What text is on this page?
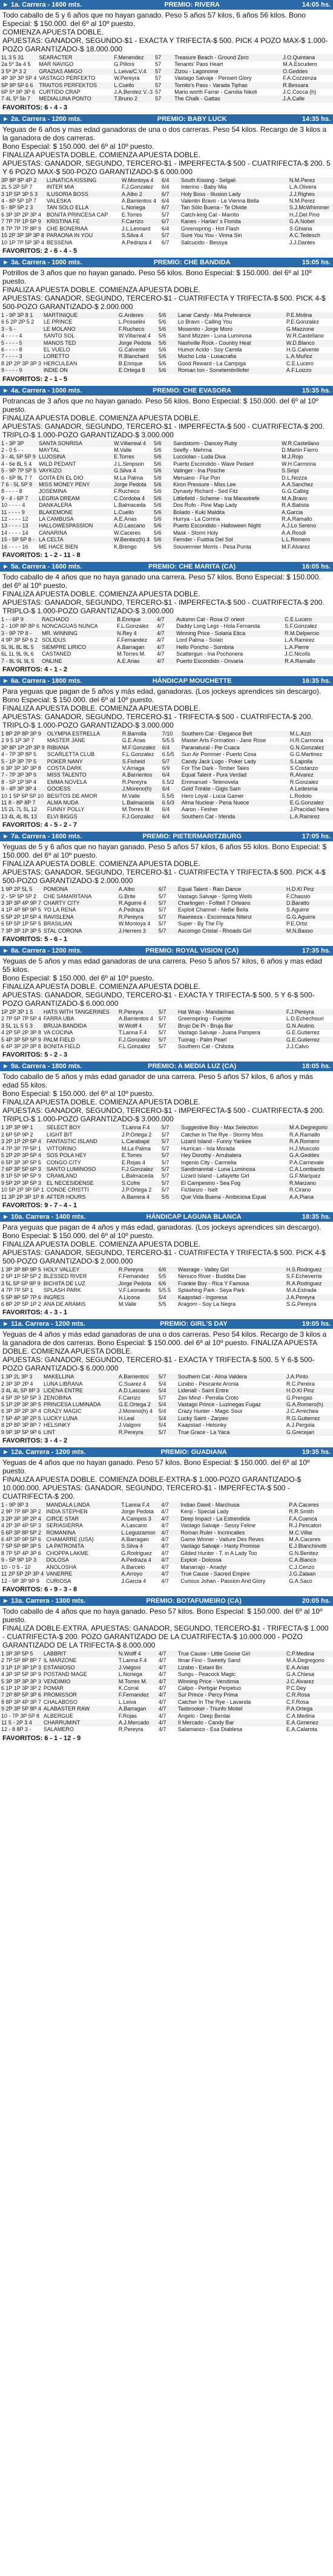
► 1a. Carrera - 1600 mts.	PREMIO: RIVERA	14:05 hs.

Todo caballo de 5 y 6 años que no hayan ganado. Peso 5 años 57 kilos, 6 años 56 kilos. Bono Especial: $ 150.000. del 6º al 10º puesto.

COMIENZA APUESTA DOBLE.

APUESTAS: GANADOR, SEGUNDO-$1 - EXACTA Y TRIFECTA-$ 500. PICK 4 POZO MAX-$ 1.000-POZO GARANTIZADO-$ 18.000.000

1L 3 5 31	SEARACTER	F.Menendez	57	Treasure Beach - Ground Zero	J.O.Quintana
2a 5º 3a 4 5	MAR NAVIGO	G.Pilloni	57	Tenants' Pass Heart	M.A.Escudero
3 5ª 3ª 3 2	GRAZIAS AMIGO	L.Leiva/C.V.4	57	Zizou - Lagonome	O.Geddes
4P 3P 3P 5P 4	VASTAGO PERFEKTO	W.Pereyra	57	Vastago Salvaje - Pensert Glory	F.A.Cozzenza
5P 9P 5P 6 6	TRAITOS PERFEKTOS	L.Cuello	57	Tomito's Pass - Varada Tiphas	R.Bessara
6P 5ª 9P 3P 6	CURTIDO CRAP	J.A.Benitez V.-3	57	Mario worth Farrar - Camilia Nikoli	J.C.Cocca (h)
7 4L 5º 5b 7	MEDIALUNA PONTO	T.Bruno 2	57	The Chalk - Gattas	J.A.Calle
FAVORITOS: 6 - 4 - 3
► 2a. Carrera - 1200 mts.	PREMIO: BABY LUCK	14:35 hs.

Yeguas de 6 años y mas edad ganadoras de una o dos carreras. Peso 54 kilos. Recargo de 3 kilos a la ganadora de dos carreras.

Bono Especial: $ 150.000. del 6º al 10º puesto.

FINALIZA APUESTA DOBLE. COMIENZA APUESTA DOBLE.

APUESTAS: GANADOR, SEGUNDO, TERCERO-$1 - IMPERFECTA-$ 500 - CUATRIFECTA-$ 200. 5 Y 6 POZO MAX-$ 500-POZO GARANTIZADO-$ 6.000.000

3P 8P 8P 4P 2	LUNATICA KISSING	W.Montoya 4	6/4	South Kissing - Selgali	N.M.Perez
2L 5 2P 5P 7	INTER MIA	F.J.Gonzalez	6/4	Interino - Baby Mia	L.A.Olivera
3 1P 5P 3P 5 3	ILUSORIA BOSS	A.Albo 2	6/7	Holy Boss - Illusion Lady	J.J.Righes
4 - 8P 5P 1P 7	VALESKA	A.Barrientos 4	6/4	Valentin Bravo - Le Vienna Bella	N.M.Perez
5 - 8P 5P 2 3	TAN SOLO ELLA	L.Noriega	6/7	Tan Sólo Buena - Te Olvide	S.J.McWhimmer
6 3P 3P 2P 3P 4	BONITA PRINCESA CAP	E.Torres	5/7	Catch-king Cat - Marrito	H.J.Del Pino
7 7P 7P 1P 5P 9	KRISTINA FE	F.Carrizo	6/7	Kanes - Harlan' s Florida	G.A.Nobel
8 7P 7P 7P 8P 9	CHE BONERIAA	J.L.Leonard	6/4	Greenspring - Hot Flash	S.Ghiana
15 2P 3P 3P 3P 8	PARAONA IN YOU	S.Silva 4	5/7	Sure You You - Vinna Sin	A.C.Tedesch
10 1P 7P 5P 3P 4	BESSENA	A.Pedraza 4	6/7	Salcucido - Bessya	J.J.Dantes
FAVORITOS: 2 - 6 - 4 - 5
► 3a. Carrera - 1000 mts.	PREMIO: CHE BANDIDA	15:05 hs.

Potrillos de 3 años que no hayan ganado. Peso 56 kilos. Bono Especial: $ 150.000. del 6º al 10º puesto.

FINALIZA APUESTA DOBLE. COMIENZA APUESTA DOBLE.

APUESTAS: GANADOR, SEGUNDO, TERCERO-$1 - CUATRIFECTA Y TRIFECTA-$ 500. PICK 4-$ 500-POZO GARANTIZADO-$ 2.000.000

1 - 9P 3P 8 1	MARTINIQUE	G.Arderes	5/6	Lanar Candy - Mia Preferance	P.E.Molina
6 5 2P 2P 5 2	LE PRINCE	L.Posselini	5/6	Lo Bravo - Calling You	P.E.Gonzalez
3 - 5 -	LE MOLANO	F.Rucheco	5/6	Mosenito - Jorge Moro	G.Mazzone
4 - - - - 4	SANTO SOL	W.Villarreal 4	5/6	Sand Mizzen - Luna Luminosa	W.R.Castellano
5 - - - - 5	MANOS TED	Jorge Pedota	5/6	Nashville Rock - Country Heat	W.D.Blanco
6 - - - - 8	EL VUELO	G.Calvente	5/6	Humor Acido - Soy Camila	H.G.Calvente
7 - - - - 3	LORETTO	R.Blanchard	5/6	Mucho Lola - Lusacrafia	L.A.Muñoz
8 2P 2P 3P 3P 3	HERCULEAN	B.Enrique	5/6	Good Reward - La Campiga	C.E.Lucero
9 - - - - 9	INDIE ON	E.Ortega 8	5/6	Roman Ion - Sonetembrillofer	A.F.Loizzo
FAVORITOS: 2 - 1 - 5
► 4a. Carrera - 1000 mts.	PREMIO: CHE EVASORA	15:35 hs.

Potrancas de 3 años que no hayan ganado. Peso 56 kilos. Bono Especial: $ 150.000. del 6º al 10º puesto.

FINALIZA APUESTA DOBLE. COMIENZA APUESTA DOBLE.

APUESTAS: GANADOR, SEGUNDO, TERCERO-$1 - IMPERFECTA-$ 500 - CUATRIFECTA-$ 200. TRIPLO-$ 1.000-POZO GARANTIZADO-$ 3.000.000

1 - 3P 3P	SANTA SONRISA	W.Villarreal 4	5/6	Sandstorm - Dancey Ruby	W.R.Castellano
2 - 0 5 - -	MAYTAL	M.Valle	5/6	Seefly - Mehrna	D.Martin Fierro
3 - 4L 5P 5P 9	LUJOSINA	E.Torres	5/6	Lucciolan - Luda Diva	M.J.Rojo
4 - 6e 8L 5 4	WILD PEDANT	J.L.Simpson	5/6	Puerto Escondido - Wave Pedant	W.H.Carmona
5 - 9P 7P 5P 5	VAYKIZO	G.Silva 4	5/6	Valinger - Ina Posche	S.Siripi
6 - 6P 8L 7 7	GOITA EN EL DIO	M.La Palma	5/6	Meruano - Flur Pon	D.L.Nozza
7 6 - 5L 5P 9	MISS MONEY PENY	Jorge Pedota	5/6	Kiron Pressure - Miss Lee	A.A.Sanchez
8 - - - - 8	JOSEMINA	F.Rucheco	5/6	Dynasty Richard - Sed Fitz	G.G.Calbig
9 - 4 - 6P 7	LEGRIA DREAM	C.Cordoba 4	5/6	Littlefield - Scheme - Ina Marastrefe	M.A.Bravo
10 - - - - 4	DANKALERA	L.Balmaceda	5/6	Dos Rufo - Pine Map Lady	R.A.Batista
11 - - - - 9	BLAKEMONE	L.Cuello	5/6	Bolado - Kuki Maldita	A.Garcia
12 - - - - 12	LA CAMBUSA	A.E.Arias	5/6	Hurrya - La Corrina	R.A.Ramallo
13 - - - - 13	HALLOWESPASSION	A.D.Lascano	5/6	Puerto Escondido - Halloween Night	A.J.Lo Sereno
14 - - - - 14	CANARINA	W.Caceres	5/6	Mask - Storm Holy	A.A.Rosdi
15 - 5P 5P 8 -	LA CELTA	W.Benitez(h) 4	5/6	Fernder - Fustria Del Sol	L.L.Romero
16 - - - - 16	ME HACE BIEN	K.Brengo	5/6	Souverrnier Morris - Pesa Punta	M.F.Alvarez
FAVORITOS: 1 - 2 - 11 - 8
► 5a. Carrera - 1600 mts.	PREMIO: CHE MARITA (CA)	16:05 hs.

Todo caballo de 4 años que no haya ganado una carrera. Peso 57 kilos. Bono Especial: $ 150.000. del 6º al 10º puesto.

FINALIZA APUESTA DOBLE. COMIENZA APUESTA DOBLE.

APUESTAS: GANADOR, SEGUNDO, TERCERO-$1 - IMPERFECTA-$ 500 - CUATRIFECTA-$ 200. TRIPLO-$ 1.000-POZO GARANTIZADO-$ 3.000.000

1 - - 6P 9	RACHADO	B.Enrique	4/7	Autumn Cat - Rosa O' oriest	C.E.Lucero
2 - 10P 8P 8P 6	NONCAGUAS NUNCA	F.L.Gonzalez	4/7	Daddy Long Legs - Hola Fernanda	S.F.Gonzalez
3 - 9P 7P 8 -	MR. WINNING	N.Rey 4	4/7	Winning Price - Solaria Etica	R.M.Delpercio
4 9P 3P 5P 6 2	SOLIDUS	F.Fernandez	4/7	Lord Palma - Solari	L.A.Ramirez
5L 9L 8L 8L 5	SIEMPRE LIRICO	A.Barragan	4/7	Hello Poncho - Sombria	L.A.Pierre
6L 1L 9L 9L 6	CASTANED	M.Torres M.	4/7	Scattergun - Ina Pochonera	J.C.Nicolls
7 - 8L 9L 9L 5	ONLINE	A.E.Arias	4/7	Puerto Escondido - Onvaria	R.A.Ramallo
FAVORITOS: 4 - 1 - 2
► 6a. Carrera - 1800 mts.	HÁNDICAP MOUCHETTE	16:35 hs.

Para yeguas que pagan de 5 años y más edad, ganadoras. (Los jockeys aprendices sin descargo).

Bono Especial: $ 150.000. del 6º al 10º puesto.

FINALIZA APUESTA DOBLE. COMIENZA APUESTA DOBLE.

APUESTAS: GANADOR, SEGUNDO, TERCERO-$1 - TRIFECTA-$ 500 - CUATRIFECTA-$ 200. TRIPLO-$ 1.000-POZO GARANTIZADO-$ 3.000.000

1 8P 2P 8P 3P 9	OLYMPIA ESTRELLA	R.Barrolla	7/10	Southern Cat - Elegance Belt	M.L.Azzi
2 9 5 1P 3P 7	MASTER JANE	G.E.Arias	5/5.5	Master Arts Formation - Jane Rose	H.R.Carmona
3P 8P 1P 2P 3P 9	RIBIANA	M.F.Gonzalez	6/4	Paranatural - Pie Cuaca	G.N.Gonzalez
4 - 7P 3P 8P 5	SCARLETTA CLUB	F.L.Gonzalez	6.5/5	Sun Air Pommer - Puerto Cosa	G.G.Martinez
5 - 1P 3P 7P 5	POKER NANY	S.Fisheid	5/7	Candy Jack Lugo - Poker Lady	S.Lapolla
6 3P 3P 3P 3P 8	COSTA DARK	V.Arriaga	6/9	For The Dark - Timber Tales	S.Costanzo
7 - 7P 3P 3P 9	MISS TALENTO	A.Barrientos	6/4	Equal Talent - Pura Verdad	R.Alvarez
8 - 5P 1P 9P 4	EMMA NOVELA	R.Pereyra	5.5/2	Emmanuel - Telenovela	R.Gonzalez
9 - 4P 3P 3P 4	GOOESS	J.Moreno(h)	6/4	Gold Trinkle - Gigis Sam	A.Ledesma
10 1 5P 5P 5P 10	BESITOS DE AMOR	M.Valle	5.5/5	Hero Loyal - Lucia Gamer	L.Rodolo
11 8 - 8P 8P 7	ALMA NUDA	L.Balmaceda	6.5/3	Alma Nuclear - Pena Nuece	E.G.Gonzalez
15 2L 7L 5L 12	FUNNY POLLY	M.Torres M.	6/4	Aaron - Fesher	J.Pracidad Nera
13 4L 4L 8L 13	ELVI BIGGS	F.J.Gonzalez	6/4	Southern Cat - Irlenda	L.A.Ramirez
FAVORITOS: 4 - 5 - 2 - 7
► 7a. Carrera - 1600 mts.	PREMIO: PIETERMARITZBURG	17:05 hs.

Yeguas de 5 y 6 años que no hayan ganado. Peso 5 años 57 kilos, 6 años 55 kilos. Bono Especial: $ 150.000. del 6º al 10º puesto.

FINALIZA APUESTA DOBLE. COMIENZA APUESTA DOBLE.

APUESTAS: GANADOR, SEGUNDO, TERCERO-$1 - CUATRIFECTA Y TRIFECTA-$ 500. PICK 4-$ 500-POZO GARANTIZADO-$ 2.000.000

1 9P 2P 5L 5	POMONA	A.Albo	6/7	Equal Talent - Rain Dance	H.D.Kl Pinz
2 - 5P 5P 5P 2	CHE SAMARITANA	G.Brite	5/7	Vastago Salvaje - Spring Wells	F.Chassio
3 3P 3P 4P 9P 7	CHARTY CITY	R.Aguirre 4	5/7	Charlingen - Fofitell 7 Orleans	D.Baratto
4 1P 4P 8P 9P 5	YO LA RENA	A.Pedraza	5/7	Exploit Channel - Nellie Bella	S.Aguirre
5 5P 2P 1P 5P 4	RAVISLENA	R.Pereyra	5/7	Rawreeza - Escorreaza Nitenz	G.G.Aguirre
6 5P 5P 1P 5P 5	BRASILIAN	W.Montoya 4	5/7	Super - By The Fly	P.E.Ortiz
7 3P 3P 1P 3P 5	STAL CORONA	J.Herrero 3	5/7	Ascomgo Cristal - Rhoads Girl	M.N.Basso
FAVORITOS: 5 - 6 - 1
► 8a. Carrera - 1200 mts.	PREMIO: ROYAL VISION (CA)	17:35 hs.

Yeguas de 5 años y mas edad ganadoras de una carrera. Peso 5 años 57 kilos, 6 años y mas edad 55 kilos.

Bono Especial: $ 150.000. del 6º al 10º puesto.

FINALIZA APUESTA DOBLE. COMIENZA APUESTA DOBLE.

APUESTAS: GANADOR, SEGUNDO, TERCERO-$1 - EXACTA Y TRIFECTA-$ 500. 5 Y 6-$ 500-POZO GARANTIZADO-$ 6.000.000

1P 2P 3P 1 5	HATS WITH TANGERINES	R.Pereyra	5/7	Hat Wrap - Mandarinas	F.J.Pereyra
2 7P 5P 7P 5P 4	FARRA UBA	A.Barrientos 4	5/7	Greenspring - Fuejote	L.D.Echechouri
3 5L 1L 5 5 3	BRUJA BANDIDA	W.Wolff 4	5/7	Brujo De Pi - Bruja Bar	G.N.Aiutino
4 2P 5P 2P 3P 8	VA COCINA	T.Lanna F.4	5/7	Vastago Salvaje - Juana Pampera	G.E.Gutierrez
5 4P 3P 5P 5P 9	PALM FIELD	F.J.Gonzalez	5/7	Tuorag - Palm Pearl	G.E.Gutierrez
6 4P 3P 2P 3P 8	BONITA FIELD	F.L.Gonzalez	5/7	Southern Cat - Chibota	J.J.Calvo
FAVORITOS: 5 - 2 - 3
► 9a. Carrera - 1800 mts.	PREMIO: A MEDIA LUZ (CA)	18:05 hs.

Todo caballo de 5 años y más edad ganador de una carrera. Peso 5 años 57 kilos, 6 años y más edad 55 kilos.

Bono Especial: $ 150.000. del 6º al 10º puesto.

FINALIZA APUESTA DOBLE. COMIENZA APUESTA DOBLE.

APUESTAS: GANADOR, SEGUNDO, TERCERO-$1 - IMPERFECTA-$ 500 - CUATRIFECTA-$ 200. TRIPLO-$ 1.000-POZO GARANTIZADO-$ 3.000.000

1 2P 3P 9P 1	SELECT BOY	T.Lanna F.4	5/7	Suggestive Boy - Max Selection	M.A.Degregorio
2 6P 5P 9P 2	LIGHT BIT	J.P.Ortega 2	5/7	Catcher In The Rye - Stormy Miss	R.A.Ramallo
3 2P 1P 2P 5P 4	FANTASTIC ISLAND	L.Carabajal	5/7	Lizard Island - Funny Yankee	R.A.Romero
4 7P 3P 7P 5P 1	VITTORINO	M.La Palma	5/7	Hurrican - Isla Morada	H.J.Muscolo
5 2P 2P 3P 5P 4	SOS POLA HEY	E.Torres	5/7	Hey Dorothy - Arrubalera	G.A.Geddes
6 5P 3P 3P 5P 5	CONGO CITY	E.Rojas 4	5/7	Ingenio City - Carmelia	P.A.Carnevale
7 6P 3P 5P 6P 3	SANTO LUMINOSO	F.J.Gonzalez	5/7	Sandmanntal - Luna Luminosa	C.A.Lombardo
8 1P 5P 9P 5P 9	CRAMLAND	L.Balmaceda	5/7	Lizard Island - Lafayette Girl	G.F.Marquez
9 5P 2P 3P 5P 3	EL NECESIDENSE	S.Cofre	5/7	El Campesino - Sea Fog	R.Marzano
10 5P 2P 3P 5P 1	CONDE CRISTTI	J.P.Ortega 2	5/7	Fictlanzo - Iselt	R.Cirano
11 3P 2P 3P 1P 8	AFTER HOURS	A.Barrera 4	5/5	Que Vida Buena - Ambiciosa Equal	A.A.Piana
FAVORITOS: 9 - 7 - 4 - 1
► 10a. Carrera - 1400 mts.	HÁNDICAP LAGUNA BLANCA	18:35 hs.

Para yeguas que pagan de 4 años y más edad, ganadoras. (Los jockeys aprendices sin descargo). Bono Especial: $ 150.000. del 6º al 10º puesto.

FINALIZA APUESTA DOBLE. COMIENZA APUESTA DOBLE.

APUESTAS: GANADOR, SEGUNDO, TERCERO-$1 - CUATRIFECTA Y TRIFECTA-$ 500. PICK 4-$ 500-POZO GARANTIZADO-$ 2.000.000

1 3P 3P 8P 9P 5	HOLY VALLEY	R.Pereyra	6/6	Wasrage - Valley Girl	H.S.Rodriguez
2 5P 1P 5P 5P 2	BLESSED RIVER	F.Fernandez	5/5	Nenuco River - Buddita Dae	S.F.Echeverria
3 5L 5P 5P 9P 9	BICHITA DE LUZ	Jorge Pedota	6/6	Frankie Boy - Rica Y Famosa	R.A.Rodriguez
4 7P 7P 5P 1	SPLASH PARK	V.F.Leonardo	5/5.5	Splashing Park - Seya Park	M.A.Estrada
5 5P 8P 5P 7P 6	INGRES	A.Licona	5/4	Kaapstad - Ingoresa	J.A.Pereyra
6 8P 2P 5P 1P 2	ANA DE ARAMIS	M.Valle	5/5	Aragorn - Soy La Negra	S.G.Pereyra
FAVORITOS: 4 - 3 - 1
► 11a. Carrera - 1200 mts.	PREMIO: GIRL'S DAY	19:05 hs.

Yeguas de 4 años y más edad ganadoras de una o dos carreras. Peso 54 kilos. Recargo de 3 kilos a la ganadora de dos carreras. Bono Especial: $ 150.000. del 6º al 10º puesto. FINALIZA APUESTA DOBLE. COMIENZA APUESTA DOBLE.

APUESTAS: GANADOR, SEGUNDO, TERCERO-$1 - EXACTA Y TRIFECTA-$ 500. 5 Y 6-$ 500-POZO GARANTIZADO-$ 6.000.000

1 3P 2L 3P 3	MAKELLINA	A.Barrientos	5/7	Southern Cat - Alma Valdera	J.A.Pinto
2 3P 3P 2P 4	LUNA LIBRANA	C.Suarez 4	5/4	Lizabo - Pescante Aronia	R.C.Pereira
3 4L 4L 5P 8P 3	LIDENA ENTRE	A.D.Lascano	5/4	Lidenall - Saint Entre	H.D.Kl Pinz
4 5P 3P 5P 5P 3	ZENOBINA	F.Carrizo	5/7	Zen Mind - Pernilia Croto	G.Prengas
5 1P 2P 3P 3P 5	PRINCESA LUMINADA	G.E.Ortega 2	5/4	Vastago Prince - Luzinegas Fugaz	G.A.Romero(h)
6 3P 3P 2P 3P 4	CRAZY MAGIC	J.Moreno(h) 4	5/4	Crazy Hunter - Magic Sour	J.C.Arrechea
7 5P 4P 3P 2P 5	LUCKY LUNA	H.Leal	5/4	Lucky Saint - Zarpeo	R.G.Gutierrez
8 2P 8P 3P 8P 7	HELSINKY	J.Valgoni	5/4	Kaapstad - Helsinky	A.J.Pergola
9 9P 3P 5P 9P 6	LINT	R.Pereyra	5/7	True Grace - La Yaca	G.Grecejari
FAVORITOS: 3 - 4 - 2
► 12a. Carrera - 1200 mts.	PREMIO: GUADIANA	19:35 hs.

Yeguas de 4 años que no hayan ganado. Peso 57 kilos. Bono Especial: $ 150.000. del 6º al 10º puesto.

FINALIZA APUESTA DOBLE. COMIENZA DOBLE-EXTRA-$ 1.000-POZO GARANTIZADO-$ 10.000.000. APUESTAS: GANADOR, SEGUNDO, TERCERO-$1 - IMPERFECTA-$ 500 - CUATRIFECTA-$ 200.

1 - 9P 9P 3	MANDALA LINDA	T.Lanna F.4	4/7	Indian Dawit - Marchusa	P.A.Caceres
2 9P 7P 8P 3P 2	INDIA STEPHEN	Jorge Pedota	4/7	Kenji - Special Lady	R.R.Smith
3 2P 3P 3P 2P 4	CIRCE STAR	A.Campos 3	4/7	Deep Impact - La Estrendida	F.A.Cuenca
4 2P 3P 4P 5P 3	SERIASIERRA	A.Lascano	4/7	Vastago Salvaje - Sessy Feline	R.J.Pescatori
5 6P 3P 8P 5P 2	ROMANINA	L.Leguizamon	4/7	Roman Ruler - Incrincalles	M.C.Villar
6 4P 3P 9P 5P 6	CHAMARRE (USA)	A.Barragan	4/7	Game Winner - Vallure Des Reves	M.A.Caceres
7 5P 5P 8P 3P 5	LA PATRONITA	S.Silva 4	4/7	Vastago Salvaje - Hasty Promise	E.J.Bianchinotti
8 7P 5P 4P 3P 6	CHOPPA LAKME	G.Rodriguez	4/7	Gilded Hunter - T. in A Lady Too	G.N.Benitez
9 - 5P 9P 1P 3	DOLOSA	A.Pedraza 4	4/7	Exploit - Dolossa	C.A.Bianco
10 - 0 5 - 10	ANOLOSHA	A.Barcelo	4/7	Manarrajo - Anadyr	C.J.Cenzo
11 2P 5P 2P 3P 4	VANERRE	A.Arroyo	4/7	True Cause - Sacred Empire	J.G.Zalaan
12 - 9P 3P 9P 9	CURIOSA	J.Garcia 4	4/7	Curious Johan - Passion And Glory	G.A.Saco
FAVORITOS: 6 - 9 - 3 - 8
► 13a. Carrera - 1300 mts.	PREMIO: BOTAFUMEIRO (CA)	20:05 hs.

Todo caballo de 4 años que no haya ganado. Peso 57 kilos. Bono Especial: $ 150.000. del 6º al 10º puesto.

FINALIZA DOBLE-EXTRA. APUESTAS: GANADOR, SEGUNDO, TERCERO-$1 - TRIFECTA-$ 1.000 - CUATRIFECTA-$ 200. POZO GARANTIZADO DE LA CUATRIFECTA-$ 10.000.000 - POZO GARANTIZADO DE LA TRIFECTA-$ 8.000.000

1 3P 3P 5P 5	LABBRIT	N.Wolff 4	4/7	True Cause - Little Goose Girl	C.P.Medina
2 7P 5P 8P 8P 7	IL MARZONE	T.Lanna F.4	4/7	Ilmar Fino - Sweetly Sand	M.A.Degregorio
3 1P 1P 3P 1P 3	ESTANIOSO	J.Valgoni	4/7	Lizabo - Estani Bri	E.A.Arias
4 3P 3P 5P 3P 9	POSTAND MAGE	L.Noriega	4/7	Sungu - Peacock Magic	G.A.Chiesa
5 3P 3P 3P 3P 3	VENDIMIO	M.Torres M.	4/7	Winning Price - Vendimia	J.C.Alvarez
6 1P 1P 3P 3P 2	POMAR	K.Corral	4/7	Calipo - Pertigar Perpetuo	P.C.Dey
7 2P 8P 5P 3P 6	PROMISSOR	F.Fernandez	4/7	Sur Prince - Percy Prima	C.R.Rosa
8 8P 3P 4P 3P 7	CHALABOSO	L.Leiva	4/7	Catcher In The Rye - Lavanda	C.F.Rosa
9 2P 3P 5P 8P 4	ALABASTER RAW	A.Barragan	4/7	Tasbrooker - Triunfo Motiel	P.A.Ortega
10 - 7P 3P 5P 8	ALBERGUE	F.Rojas	4/7	Angelo - Deep Berdai	C.A.Medina
11 5 - 2P 3 4	CHARRUMINT	A.J.Mercado	4/7	Il Mercado - Candy Bar	E.A.Gimenez
12 - 8 8P 3 -	SALAMERO	R.Pereyra	4/7	Salamanco - Esa Diablesa	E.A.Calarota
FAVORITOS: 6 - 1 - 12 - 9
